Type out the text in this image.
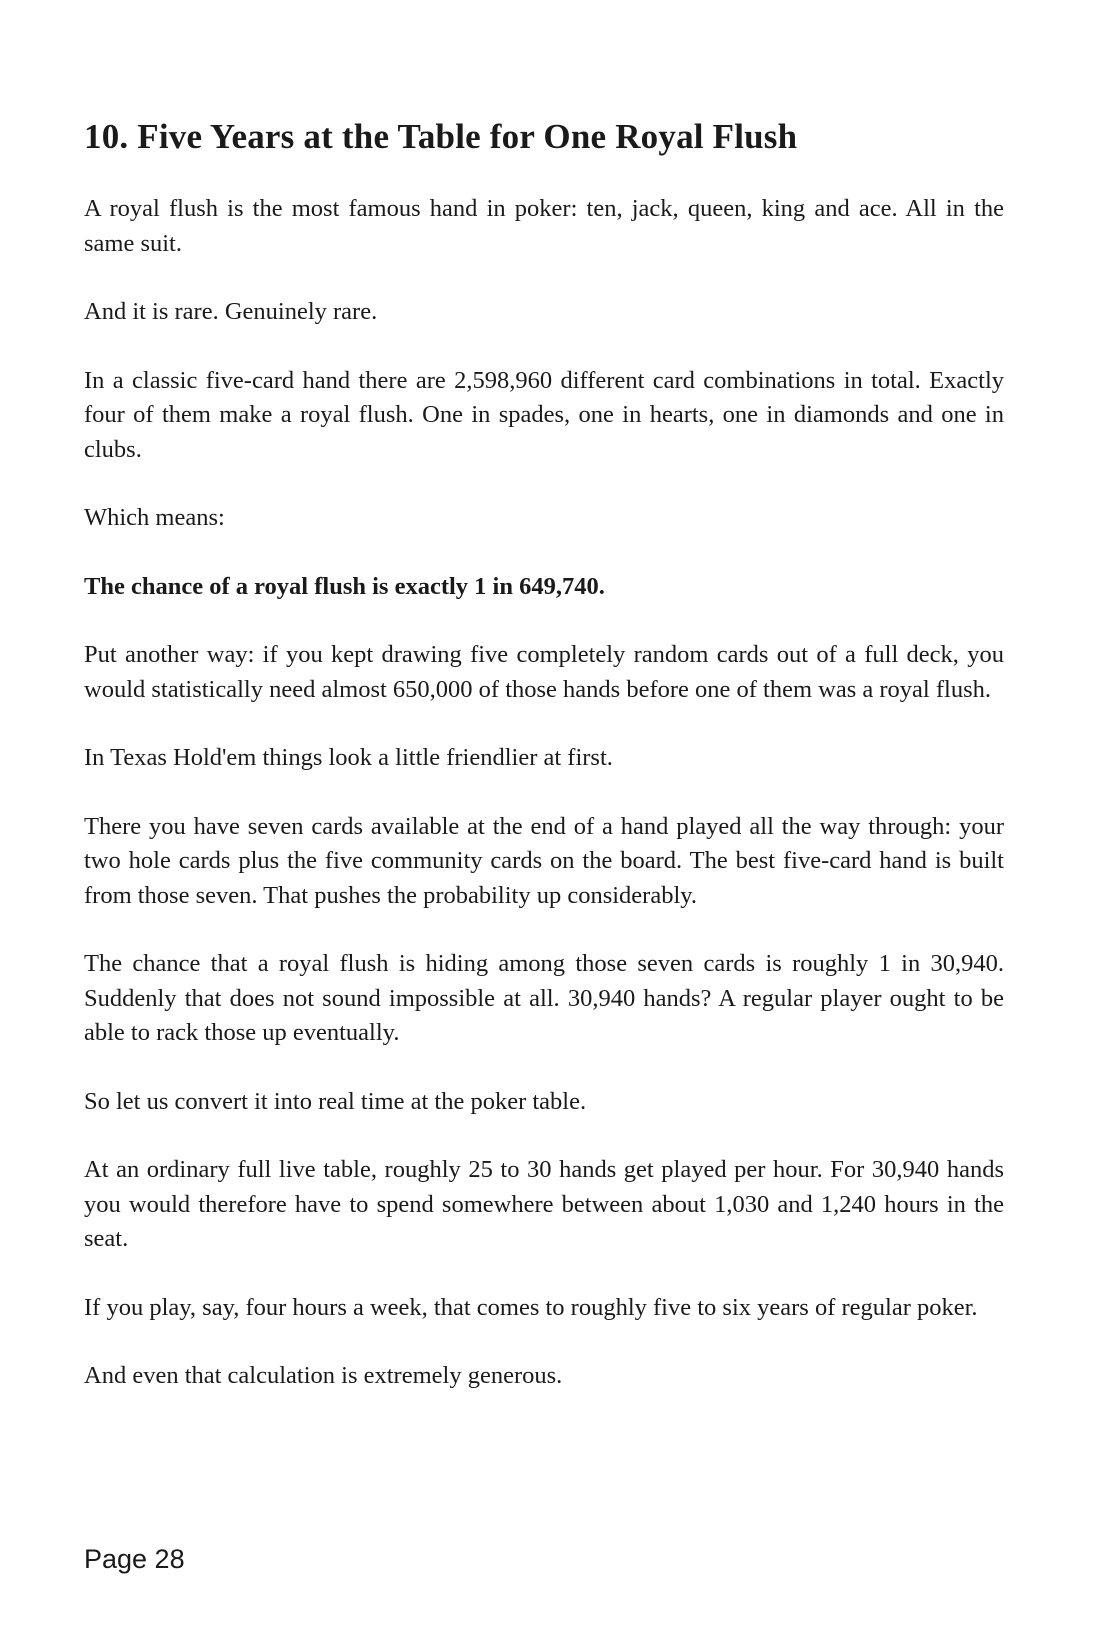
10. Five Years at the Table for One Royal Flush

A royal flush is the most famous hand in poker: ten, jack, queen, king and ace. All in the same suit.

And it is rare. Genuinely rare.

In a classic five-card hand there are 2,598,960 different card combinations in total. Exactly four of them make a royal flush. One in spades, one in hearts, one in diamonds and one in clubs.

Which means:

The chance of a royal flush is exactly 1 in 649,740.

Put another way: if you kept drawing five completely random cards out of a full deck, you would statistically need almost 650,000 of those hands before one of them was a royal flush.

In Texas Hold'em things look a little friendlier at first.

There you have seven cards available at the end of a hand played all the way through: your two hole cards plus the five community cards on the board. The best five-card hand is built from those seven. That pushes the probability up considerably.

The chance that a royal flush is hiding among those seven cards is roughly 1 in 30,940. Suddenly that does not sound impossible at all. 30,940 hands? A regular player ought to be able to rack those up eventually.

So let us convert it into real time at the poker table.

At an ordinary full live table, roughly 25 to 30 hands get played per hour. For 30,940 hands you would therefore have to spend somewhere between about 1,030 and 1,240 hours in the seat.

If you play, say, four hours a week, that comes to roughly five to six years of regular poker.

And even that calculation is extremely generous.

Page 28
